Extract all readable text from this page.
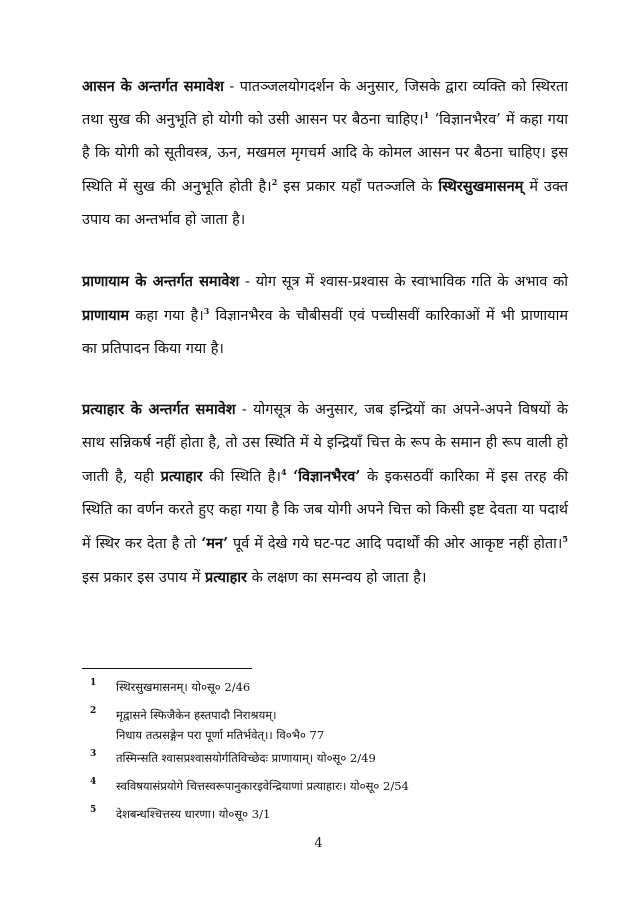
आसन के अन्तर्गत समावेश - पातञ्जलयोगदर्शन के अनुसार, जिसके द्वारा व्यक्ति को स्थिरता तथा सुख की अनुभूति हो योगी को उसी आसन पर बैठना चाहिए।$^1$ ‘विज्ञानभैरव’ में कहा गया है कि योगी को सूतीवस्त्र, ऊन, मखमल मृगचर्म आदि के कोमल आसन पर बैठना चाहिए। इस स्थिति में सुख की अनुभूति होती है।$^2$ इस प्रकार यहाँ पतञ्जलि के स्थिरसुखमासनम् में उक्त उपाय का अन्तर्भाव हो जाता है।

प्राणायाम के अन्तर्गत समावेश - योग सूत्र में श्वास-प्रश्वास के स्वाभाविक गति के अभाव को प्राणायाम कहा गया है।$^3$ विज्ञानभैरव के चौबीसवीं एवं पच्चीसवीं कारिकाओं में भी प्राणायाम का प्रतिपादन किया गया है।

प्रत्याहार के अन्तर्गत समावेश - योगसूत्र के अनुसार, जब इन्द्रियों का अपने-अपने विषयों के साथ सन्निकर्ष नहीं होता है, तो उस स्थिति में ये इन्द्रियाँ चित्त के रूप के समान ही रूप वाली हो जाती है, यही प्रत्याहार की स्थिति है।$^4$ ‘विज्ञानभैरव’ के इकसठवीं कारिका में इस तरह की स्थिति का वर्णन करते हुए कहा गया है कि जब योगी अपने चित्त को किसी इष्ट देवता या पदार्थ में स्थिर कर देता है तो ‘मन’ पूर्व में देखे गये घट-पट आदि पदार्थों की ओर आकृष्ट नहीं होता।$^5$ इस प्रकार इस उपाय में प्रत्याहार के लक्षण का समन्वय हो जाता है।

1 स्थिरसुखमासनम्। यो०सू० 2/46
2 मृद्वासने स्फिजैकेन हस्तपादौ निराश्रयम्।
निधाय तत्प्रसङ्गेन परा पूर्णा मतिर्भवेत्।। वि०भै० 77
3 तस्मिन्सति श्वासप्रश्वासयोर्गतिविच्छेदः प्राणायाम्। यो०सू० 2/49
4 स्वविषयासंप्रयोगे चित्तस्वरूपानुकारइवेन्द्रियाणां प्रत्याहारः। यो०सू० 2/54
5 देशबन्धश्चित्तस्य धारणा। यो०सू० 3/1
4
